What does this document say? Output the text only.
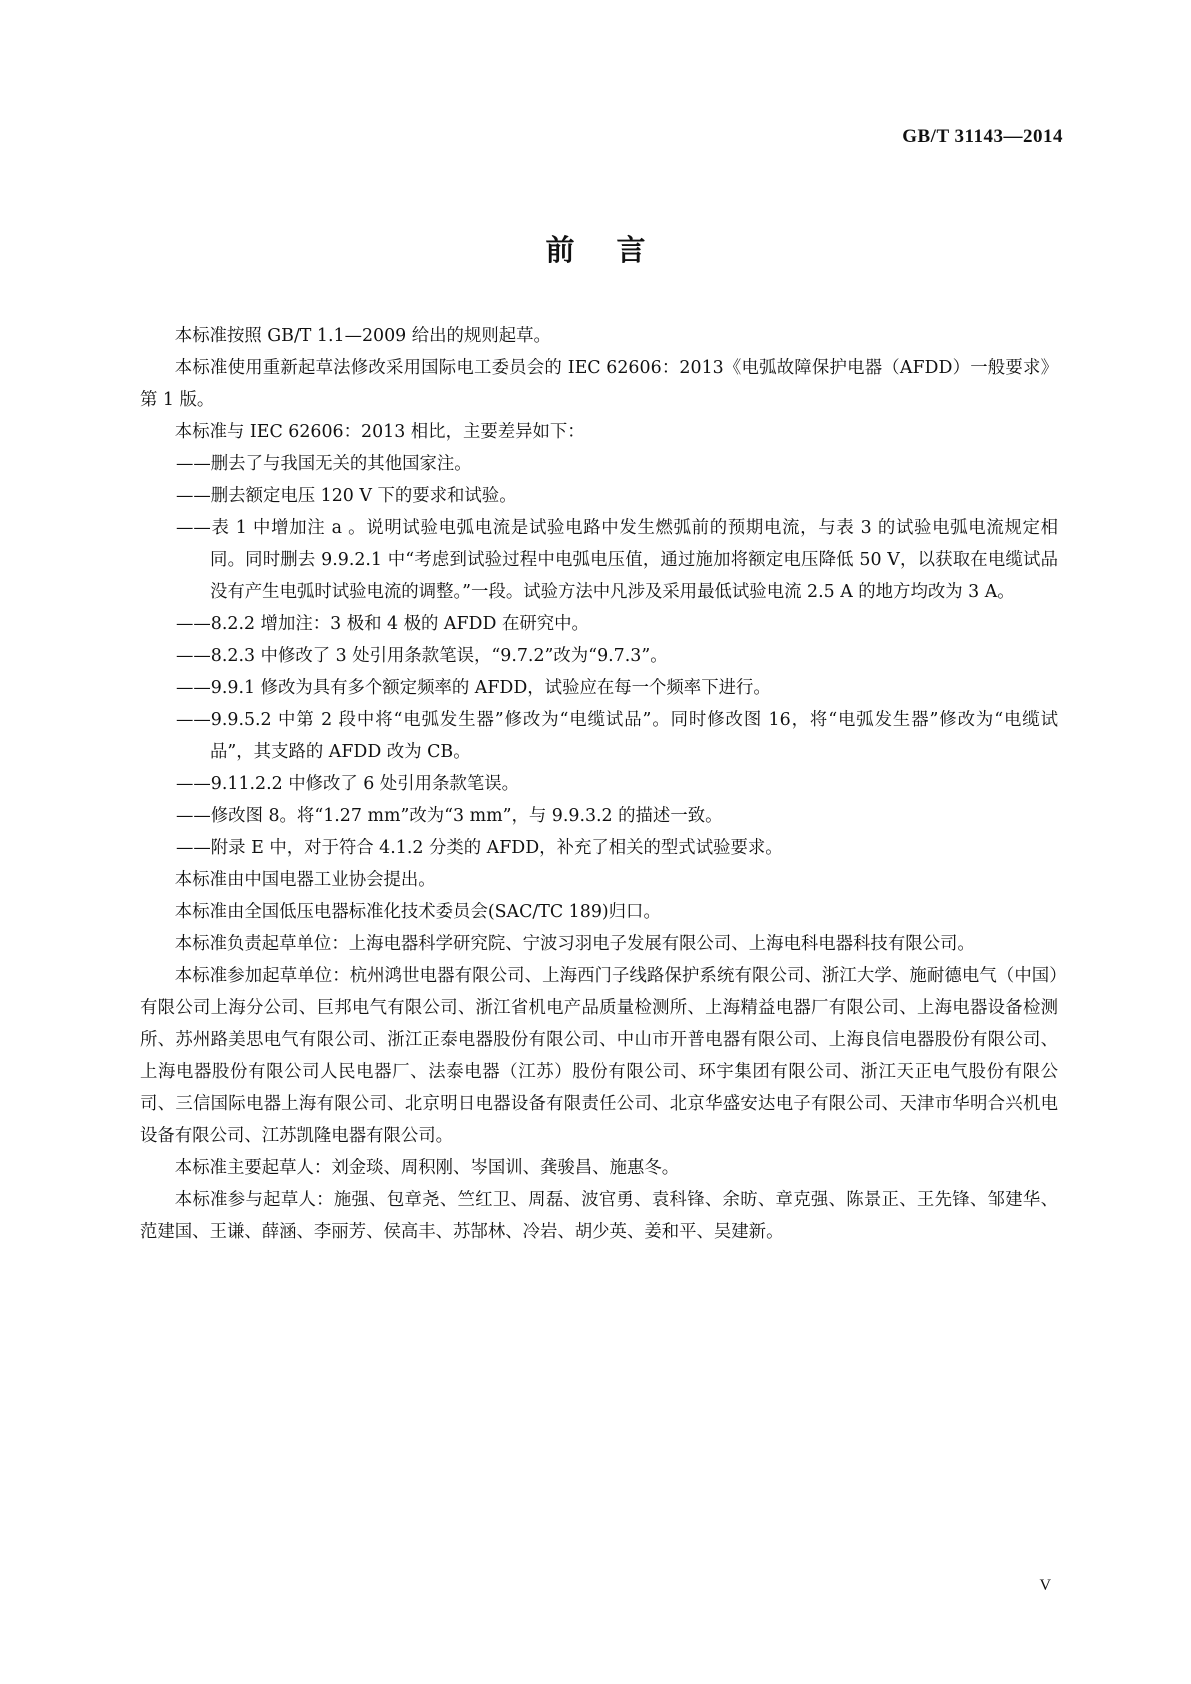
GB/T 31143—2014
前言

本标准按照 GB/T 1.1—2009 给出的规则起草。

本标准使用重新起草法修改采用国际电工委员会的 IEC 62606：2013《电弧故障保护电器（AFDD）一般要求》第 1 版。

本标准与 IEC 62606：2013 相比，主要差异如下：

——删去了与我国无关的其他国家注。

——删去额定电压 120 V 下的要求和试验。

——表 1 中增加注 a 。说明试验电弧电流是试验电路中发生燃弧前的预期电流，与表 3 的试验电弧电流规定相同。同时删去 9.9.2.1 中“考虑到试验过程中电弧电压值，通过施加将额定电压降低 50 V，以获取在电缆试品没有产生电弧时试验电流的调整。”一段。试验方法中凡涉及采用最低试验电流 2.5 A 的地方均改为 3 A。

——8.2.2 增加注：3 极和 4 极的 AFDD 在研究中。

——8.2.3 中修改了 3 处引用条款笔误，“9.7.2”改为“9.7.3”。

——9.9.1 修改为具有多个额定频率的 AFDD，试验应在每一个频率下进行。

——9.9.5.2 中第 2 段中将“电弧发生器”修改为“电缆试品”。同时修改图 16，将“电弧发生器”修改为“电缆试品”，其支路的 AFDD 改为 CB。

——9.11.2.2 中修改了 6 处引用条款笔误。

——修改图 8。将“1.27 mm”改为“3 mm”，与 9.9.3.2 的描述一致。

——附录 E 中，对于符合 4.1.2 分类的 AFDD，补充了相关的型式试验要求。

本标准由中国电器工业协会提出。

本标准由全国低压电器标准化技术委员会(SAC/TC 189)归口。

本标准负责起草单位：上海电器科学研究院、宁波习羽电子发展有限公司、上海电科电器科技有限公司。

本标准参加起草单位：杭州鸿世电器有限公司、上海西门子线路保护系统有限公司、浙江大学、施耐德电气（中国）有限公司上海分公司、巨邦电气有限公司、浙江省机电产品质量检测所、上海精益电器厂有限公司、上海电器设备检测所、苏州路美思电气有限公司、浙江正泰电器股份有限公司、中山市开普电器有限公司、上海良信电器股份有限公司、上海电器股份有限公司人民电器厂、法泰电器（江苏）股份有限公司、环宇集团有限公司、浙江天正电气股份有限公司、三信国际电器上海有限公司、北京明日电器设备有限责任公司、北京华盛安达电子有限公司、天津市华明合兴机电设备有限公司、江苏凯隆电器有限公司。

本标准主要起草人：刘金琰、周积刚、岑国训、龚骏昌、施惠冬。

本标准参与起草人：施强、包章尧、竺红卫、周磊、波官勇、袁科锋、余昉、章克强、陈景正、王先锋、邹建华、范建国、王谦、薛涵、李丽芳、侯高丰、苏郜林、冷岩、胡少英、姜和平、吴建新。

V
